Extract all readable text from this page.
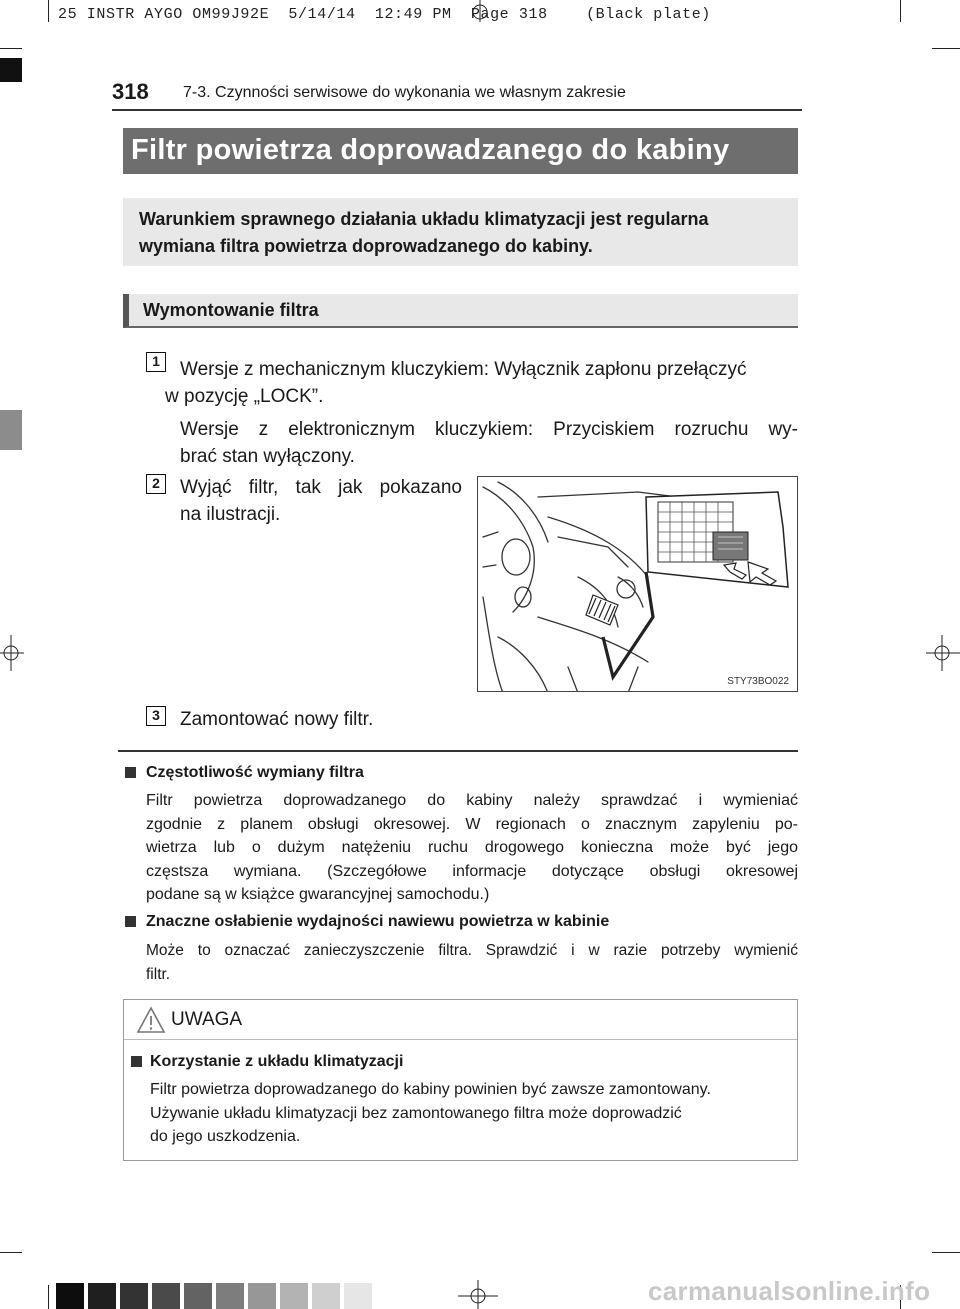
25 INSTR AYGO OM99J92E  5/14/14  12:49 PM  Page 318    (Black plate)
318 7-3. Czynności serwisowe do wykonania we własnym zakresie
Filtr powietrza doprowadzanego do kabiny
Warunkiem sprawnego działania układu klimatyzacji jest regularna
wymiana filtra powietrza doprowadzanego do kabiny.
Wymontowanie filtra
1	Wersje z mechanicznym kluczykiem: Wyłącznik zapłonu przełączyć
w pozycję „LOCK”.
Wersje z elektronicznym kluczykiem: Przyciskiem rozruchu wy-
brać stan wyłączony.
2	Wyjąć filtr, tak jak pokazano
na ilustracji.
STY73BO022
3	Zamontować nowy filtr.
Częstotliwość wymiany filtra
Filtr powietrza doprowadzanego do kabiny należy sprawdzać i wymieniać
zgodnie z planem obsługi okresowej. W regionach o znacznym zapyleniu po-
wietrza lub o dużym natężeniu ruchu drogowego konieczna może być jego
częstsza wymiana. (Szczegółowe informacje dotyczące obsługi okresowej
podane są w książce gwarancyjnej samochodu.)
Znaczne osłabienie wydajności nawiewu powietrza w kabinie
Może to oznaczać zanieczyszczenie filtra. Sprawdzić i w razie potrzeby wymienić
filtr.
UWAGA
Korzystanie z układu klimatyzacji
Filtr powietrza doprowadzanego do kabiny powinien być zawsze zamontowany.
Używanie układu klimatyzacji bez zamontowanego filtra może doprowadzić
do jego uszkodzenia.
carmanualsonline.info
